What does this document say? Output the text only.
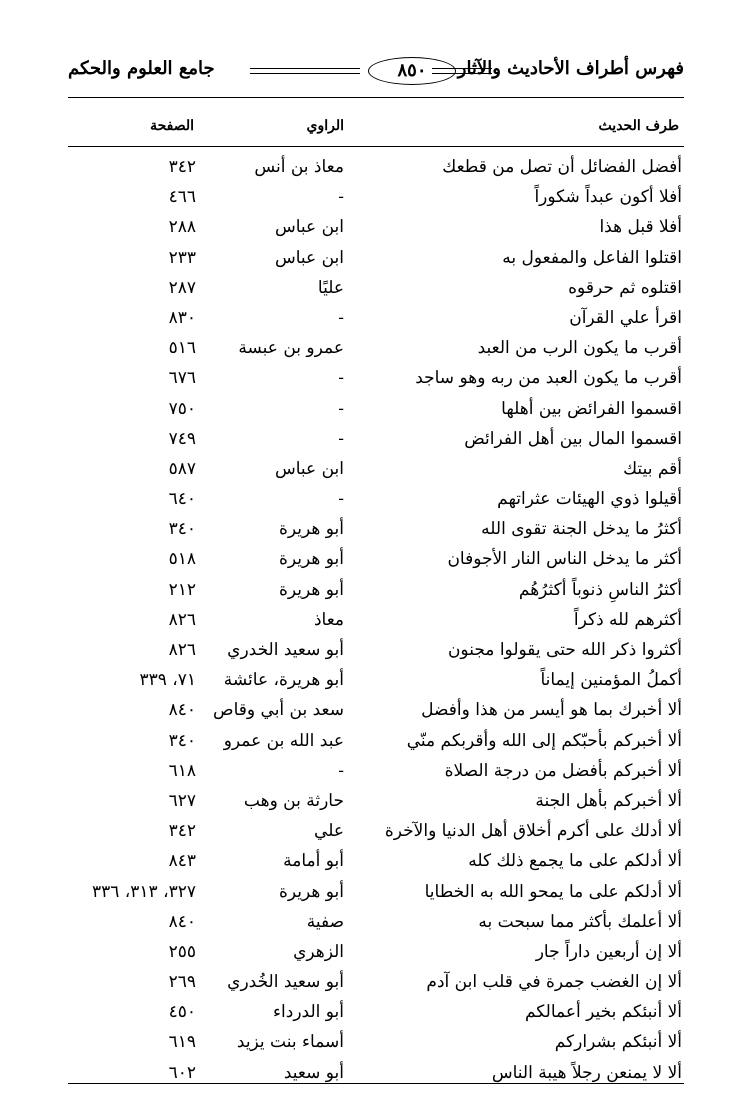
فهرس أطراف الأحاديث والآثار
٨٥٠
جامع العلوم والحكم
طرف الحديث
الراوي
الصفحة
أفضل الفضائل أن تصل من قطعك
معاذ بن أنس
٣٤٢
أفلا أكون عبداً شكوراً
-
٤٦٦
أفلا قبل هذا
ابن عباس
٢٨٨
اقتلوا الفاعل والمفعول به
ابن عباس
٢٣٣
اقتلوه ثم حرقوه
عليًا
٢٨٧
اقرأ علي القرآن
-
٨٣٠
أقرب ما يكون الرب من العبد
عمرو بن عبسة
٥١٦
أقرب ما يكون العبد من ربه وهو ساجد
-
٦٧٦
اقسموا الفرائض بين أهلها
-
٧٥٠
اقسموا المال بين أهل الفرائض
-
٧٤٩
أقم بيتك
ابن عباس
٥٨٧
أقيلوا ذوي الهيئات عثراتهم
-
٦٤٠
أكثرُ ما يدخل الجنة تقوى الله
أبو هريرة
٣٤٠
أكثر ما يدخل الناس النار الأجوفان
أبو هريرة
٥١٨
أكثرُ الناسِ ذنوباً أكثرُهُم
أبو هريرة
٢١٢
أكثرهم لله ذكراً
معاذ
٨٢٦
أكثروا ذكر الله حتى يقولوا مجنون
أبو سعيد الخدري
٨٢٦
أكملُ المؤمنين إيماناً
أبو هريرة، عائشة
٧١، ٣٣٩
ألا أخبرك بما هو أيسر من هذا وأفضل
سعد بن أبي وقاص
٨٤٠
ألا أخبركم بأحبّكم إلى الله وأقربكم منّي
عبد الله بن عمرو
٣٤٠
ألا أخبركم بأفضل من درجة الصلاة
-
٦١٨
ألا أخبركم بأهل الجنة
حارثة بن وهب
٦٢٧
ألا أدلك على أكرم أخلاق أهل الدنيا والآخرة
علي
٣٤٢
ألا أدلكم على ما يجمع ذلك كله
أبو أمامة
٨٤٣
ألا أدلكم على ما يمحو الله به الخطايا
أبو هريرة
٣٢٧، ٣١٣، ٣٣٦
ألا أعلمك بأكثر مما سبحت به
صفية
٨٤٠
ألا إن أربعين داراً جار
الزهري
٢٥٥
ألا إن الغضب جمرة في قلب ابن آدم
أبو سعيد الخُدري
٢٦٩
ألا أنبئكم بخير أعمالكم
أبو الدرداء
٤٥٠
ألا أنبئكم بشراركم
أسماء بنت يزيد
٦١٩
ألا لا يمنعن رجلاً هيبة الناس
أبو سعيد
٦٠٢
